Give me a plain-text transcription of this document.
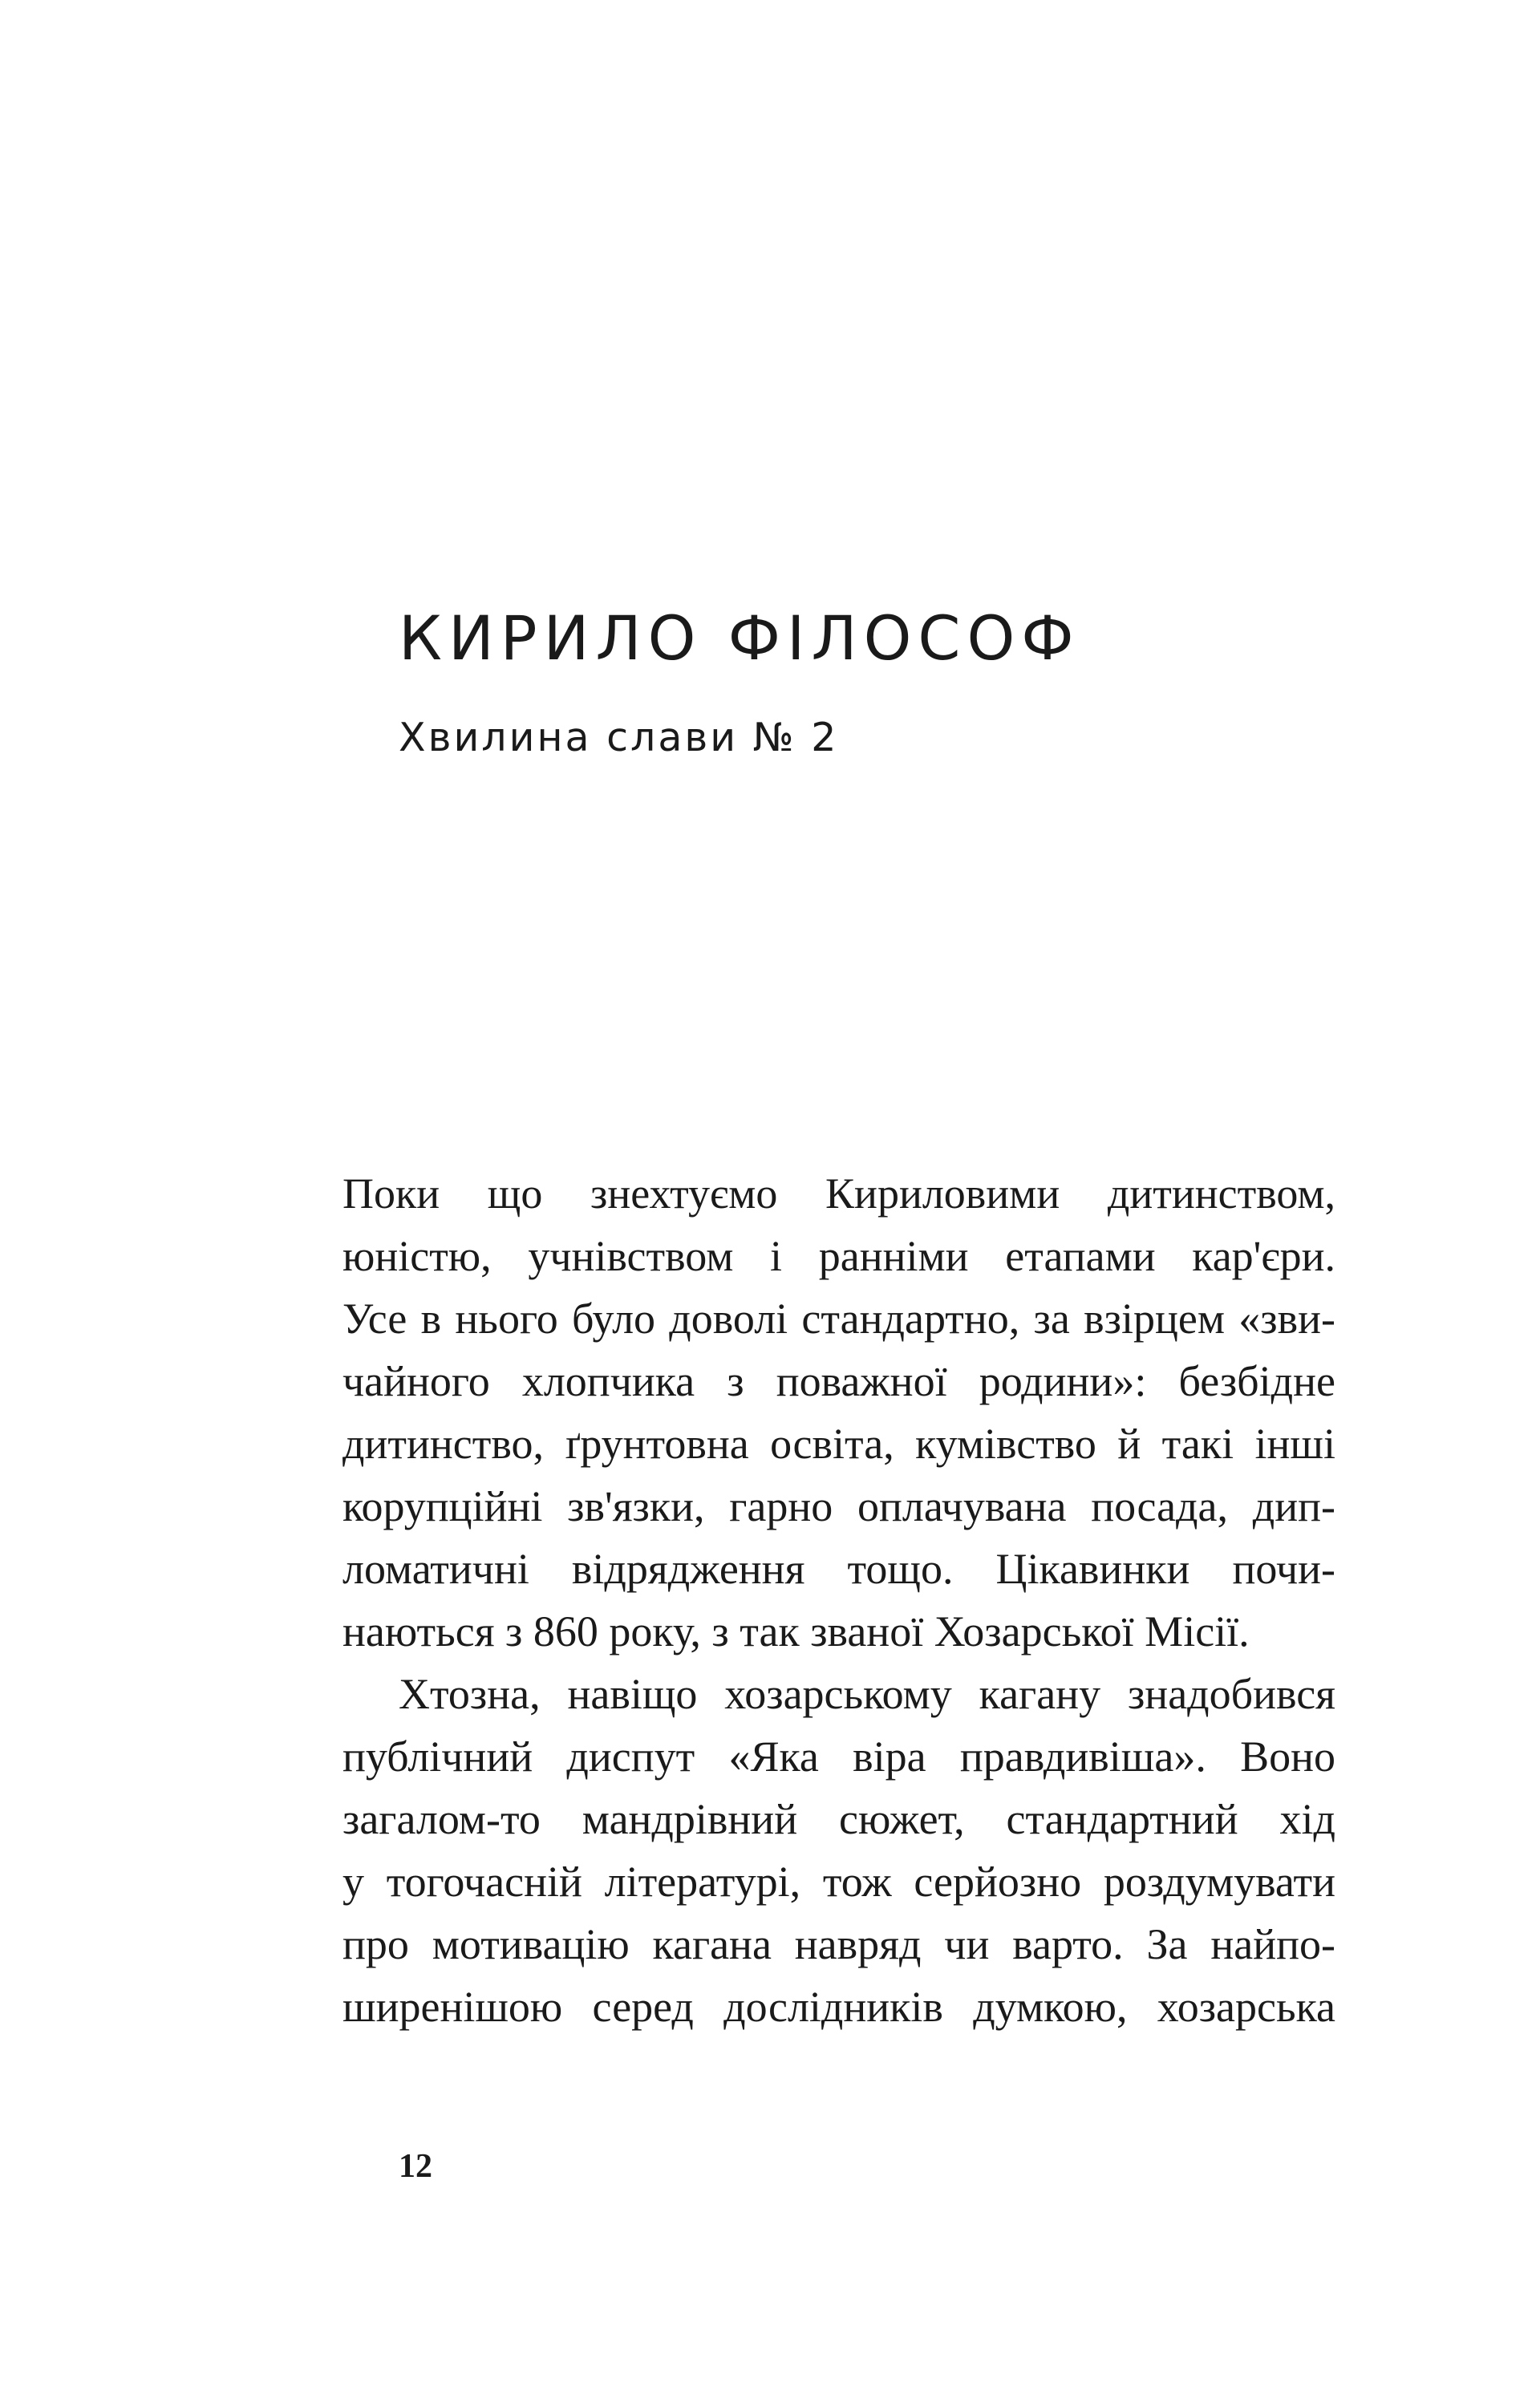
КИРИЛО ФІЛОСОФ
Хвилина слави № 2
Поки що знехтуємо Кириловими дитинством,
юністю, учнівством і ранніми етапами кар'єри.
Усе в нього було доволі стандартно, за взірцем «зви-
чайного хлопчика з поважної родини»: безбідне
дитинство, ґрунтовна освіта, кумівство й такі інші
корупційні зв'язки, гарно оплачувана посада, дип-
ломатичні відрядження тощо. Цікавинки почи-
наються з 860 року, з так званої Хозарської Місії.
Хтозна, навіщо хозарському кагану знадобився
публічний диспут «Яка віра правдивіша». Воно
загалом-то мандрівний сюжет, стандартний хід
у тогочасній літературі, тож серйозно роздумувати
про мотивацію кагана навряд чи варто. За найпо-
ширенішою серед дослідників думкою, хозарська
12
